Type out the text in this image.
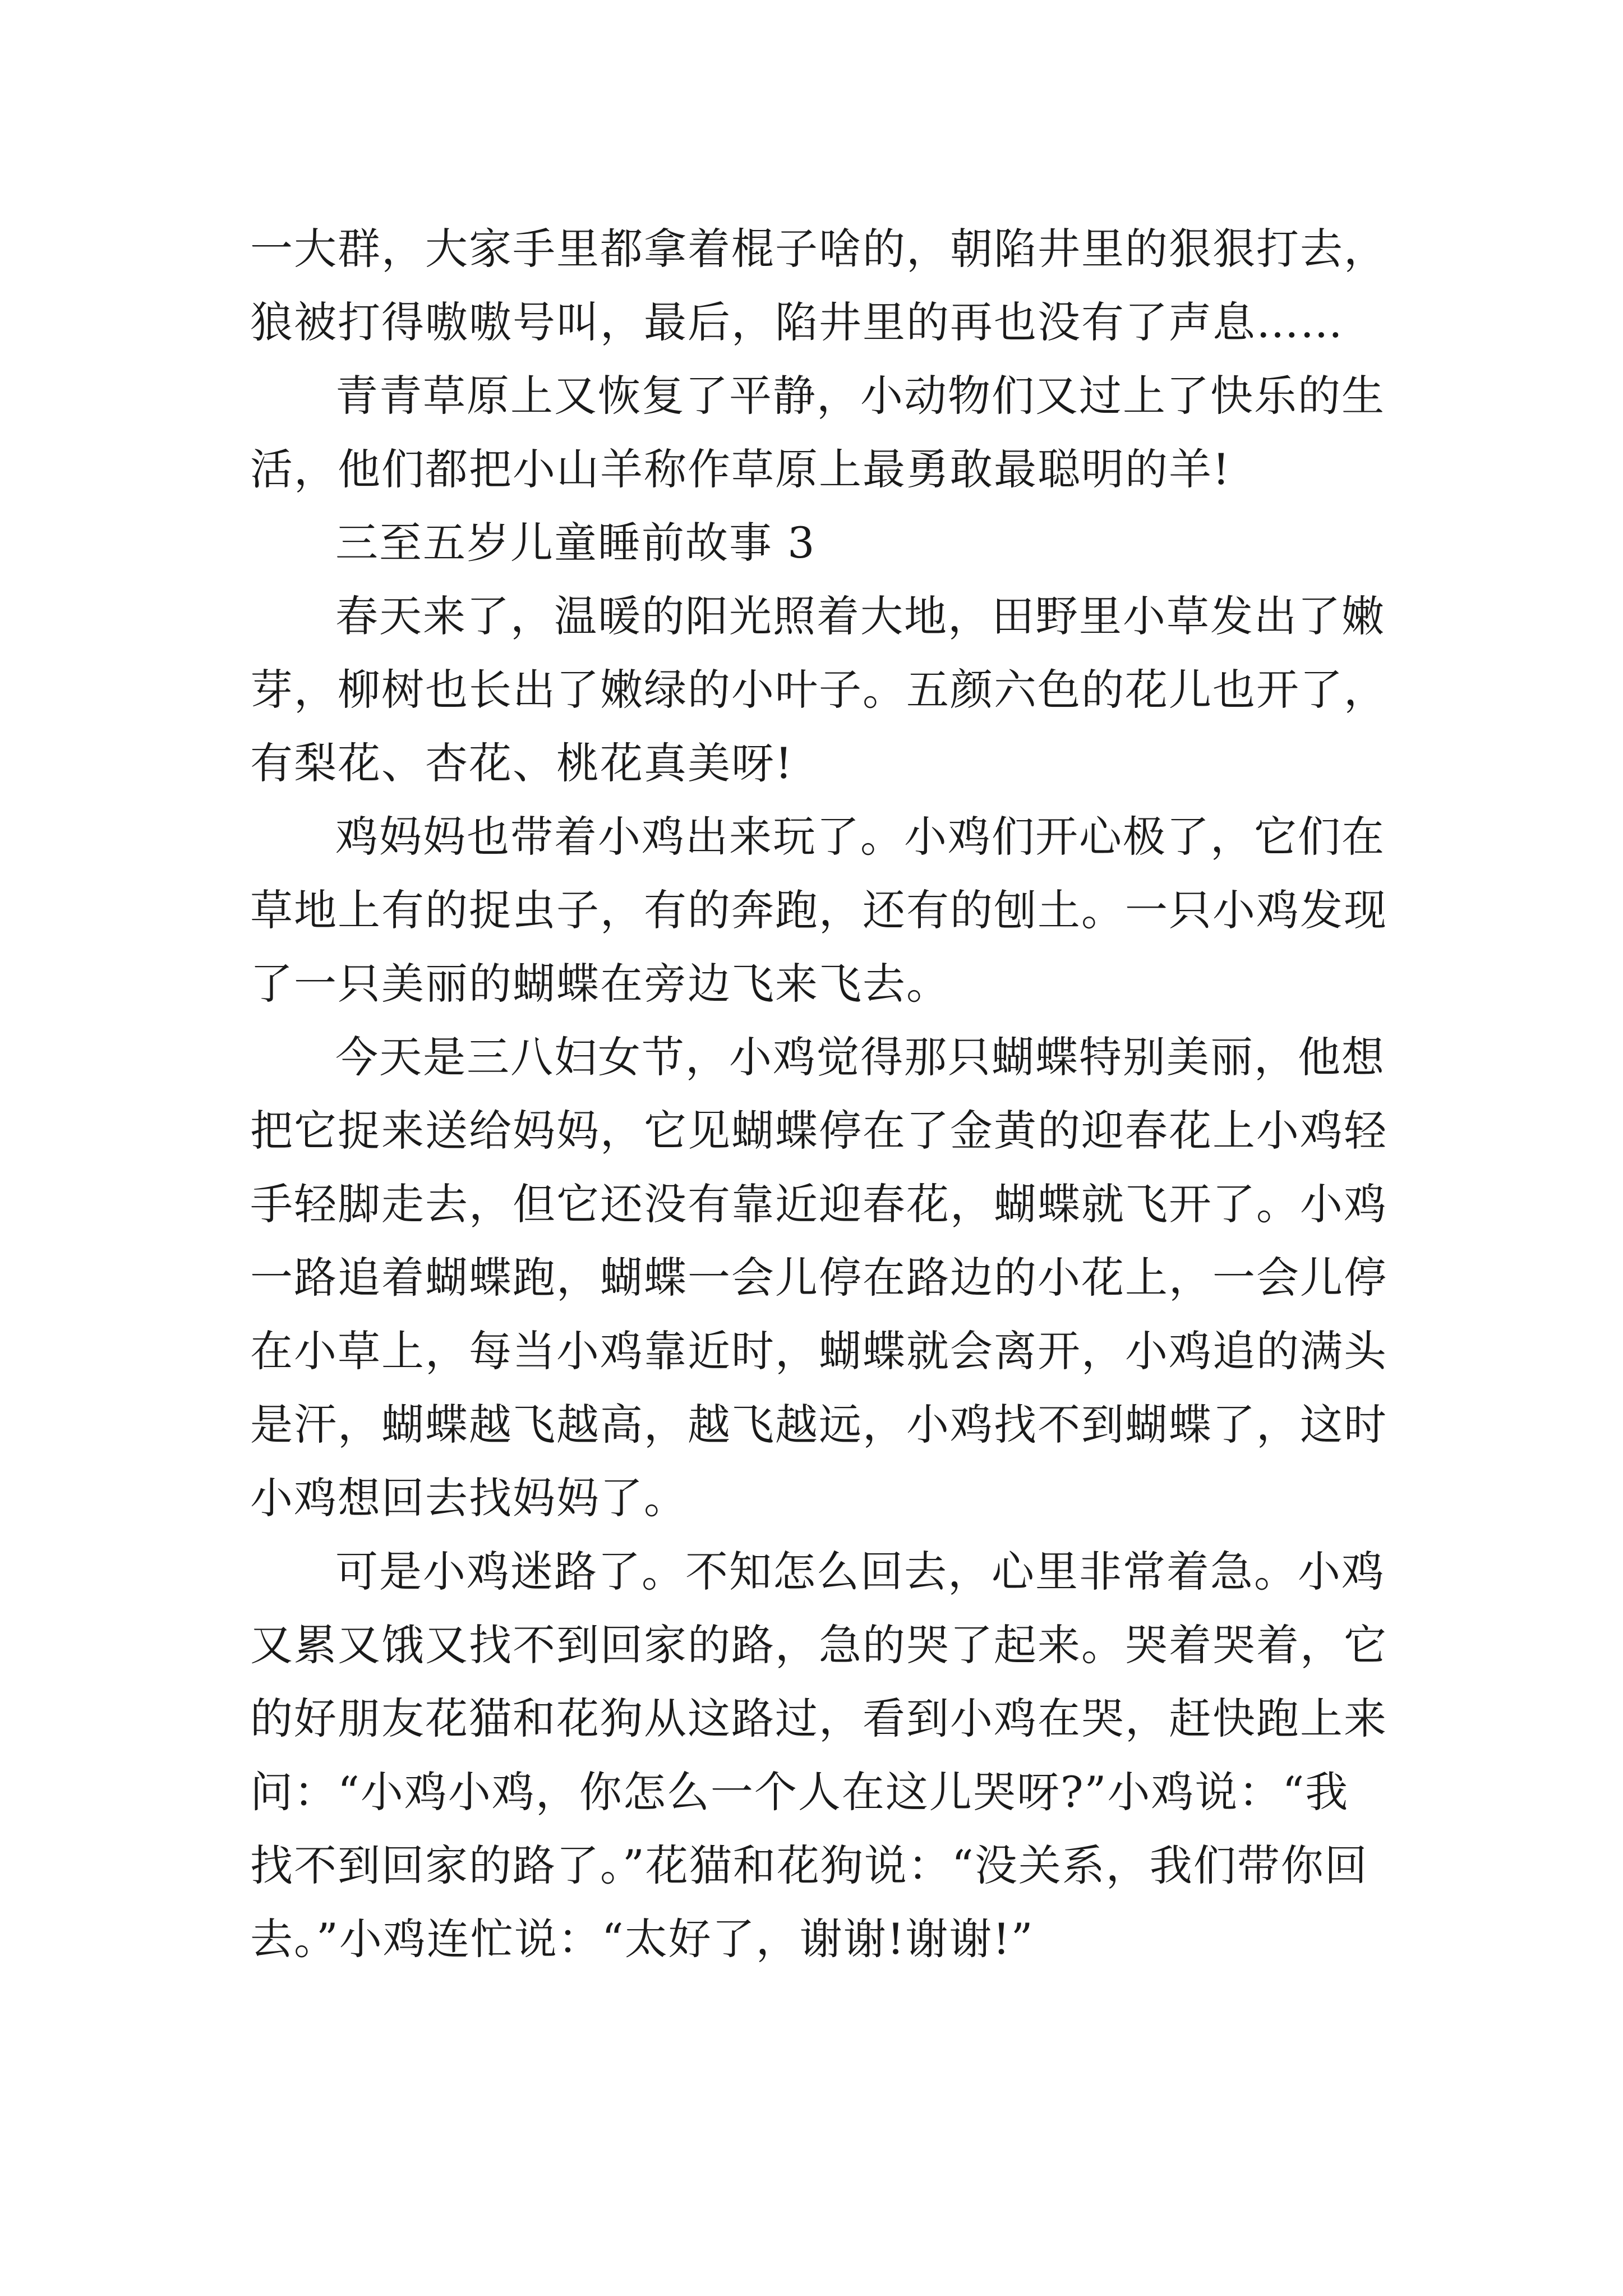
一大群，大家手里都拿着棍子啥的，朝陷井里的狠狠打去，
狼被打得嗷嗷号叫，最后，陷井里的再也没有了声息……
青青草原上又恢复了平静，小动物们又过上了快乐的生
活，他们都把小山羊称作草原上最勇敢最聪明的羊!
三至五岁儿童睡前故事 3
春天来了，温暖的阳光照着大地，田野里小草发出了嫩
芽，柳树也长出了嫩绿的小叶子。五颜六色的花儿也开了，
有梨花、杏花、桃花真美呀!
鸡妈妈也带着小鸡出来玩了。小鸡们开心极了，它们在
草地上有的捉虫子，有的奔跑，还有的刨土。一只小鸡发现
了一只美丽的蝴蝶在旁边飞来飞去。
今天是三八妇女节，小鸡觉得那只蝴蝶特别美丽，他想
把它捉来送给妈妈，它见蝴蝶停在了金黄的迎春花上小鸡轻
手轻脚走去，但它还没有靠近迎春花，蝴蝶就飞开了。小鸡
一路追着蝴蝶跑，蝴蝶一会儿停在路边的小花上，一会儿停
在小草上，每当小鸡靠近时，蝴蝶就会离开，小鸡追的满头
是汗，蝴蝶越飞越高，越飞越远，小鸡找不到蝴蝶了，这时
小鸡想回去找妈妈了。
可是小鸡迷路了。不知怎么回去，心里非常着急。小鸡
又累又饿又找不到回家的路，急的哭了起来。哭着哭着，它
的好朋友花猫和花狗从这路过，看到小鸡在哭，赶快跑上来
问：“小鸡小鸡，你怎么一个人在这儿哭呀?”小鸡说：“我
找不到回家的路了。”花猫和花狗说：“没关系，我们带你回
去。”小鸡连忙说：“太好了，谢谢!谢谢!”
